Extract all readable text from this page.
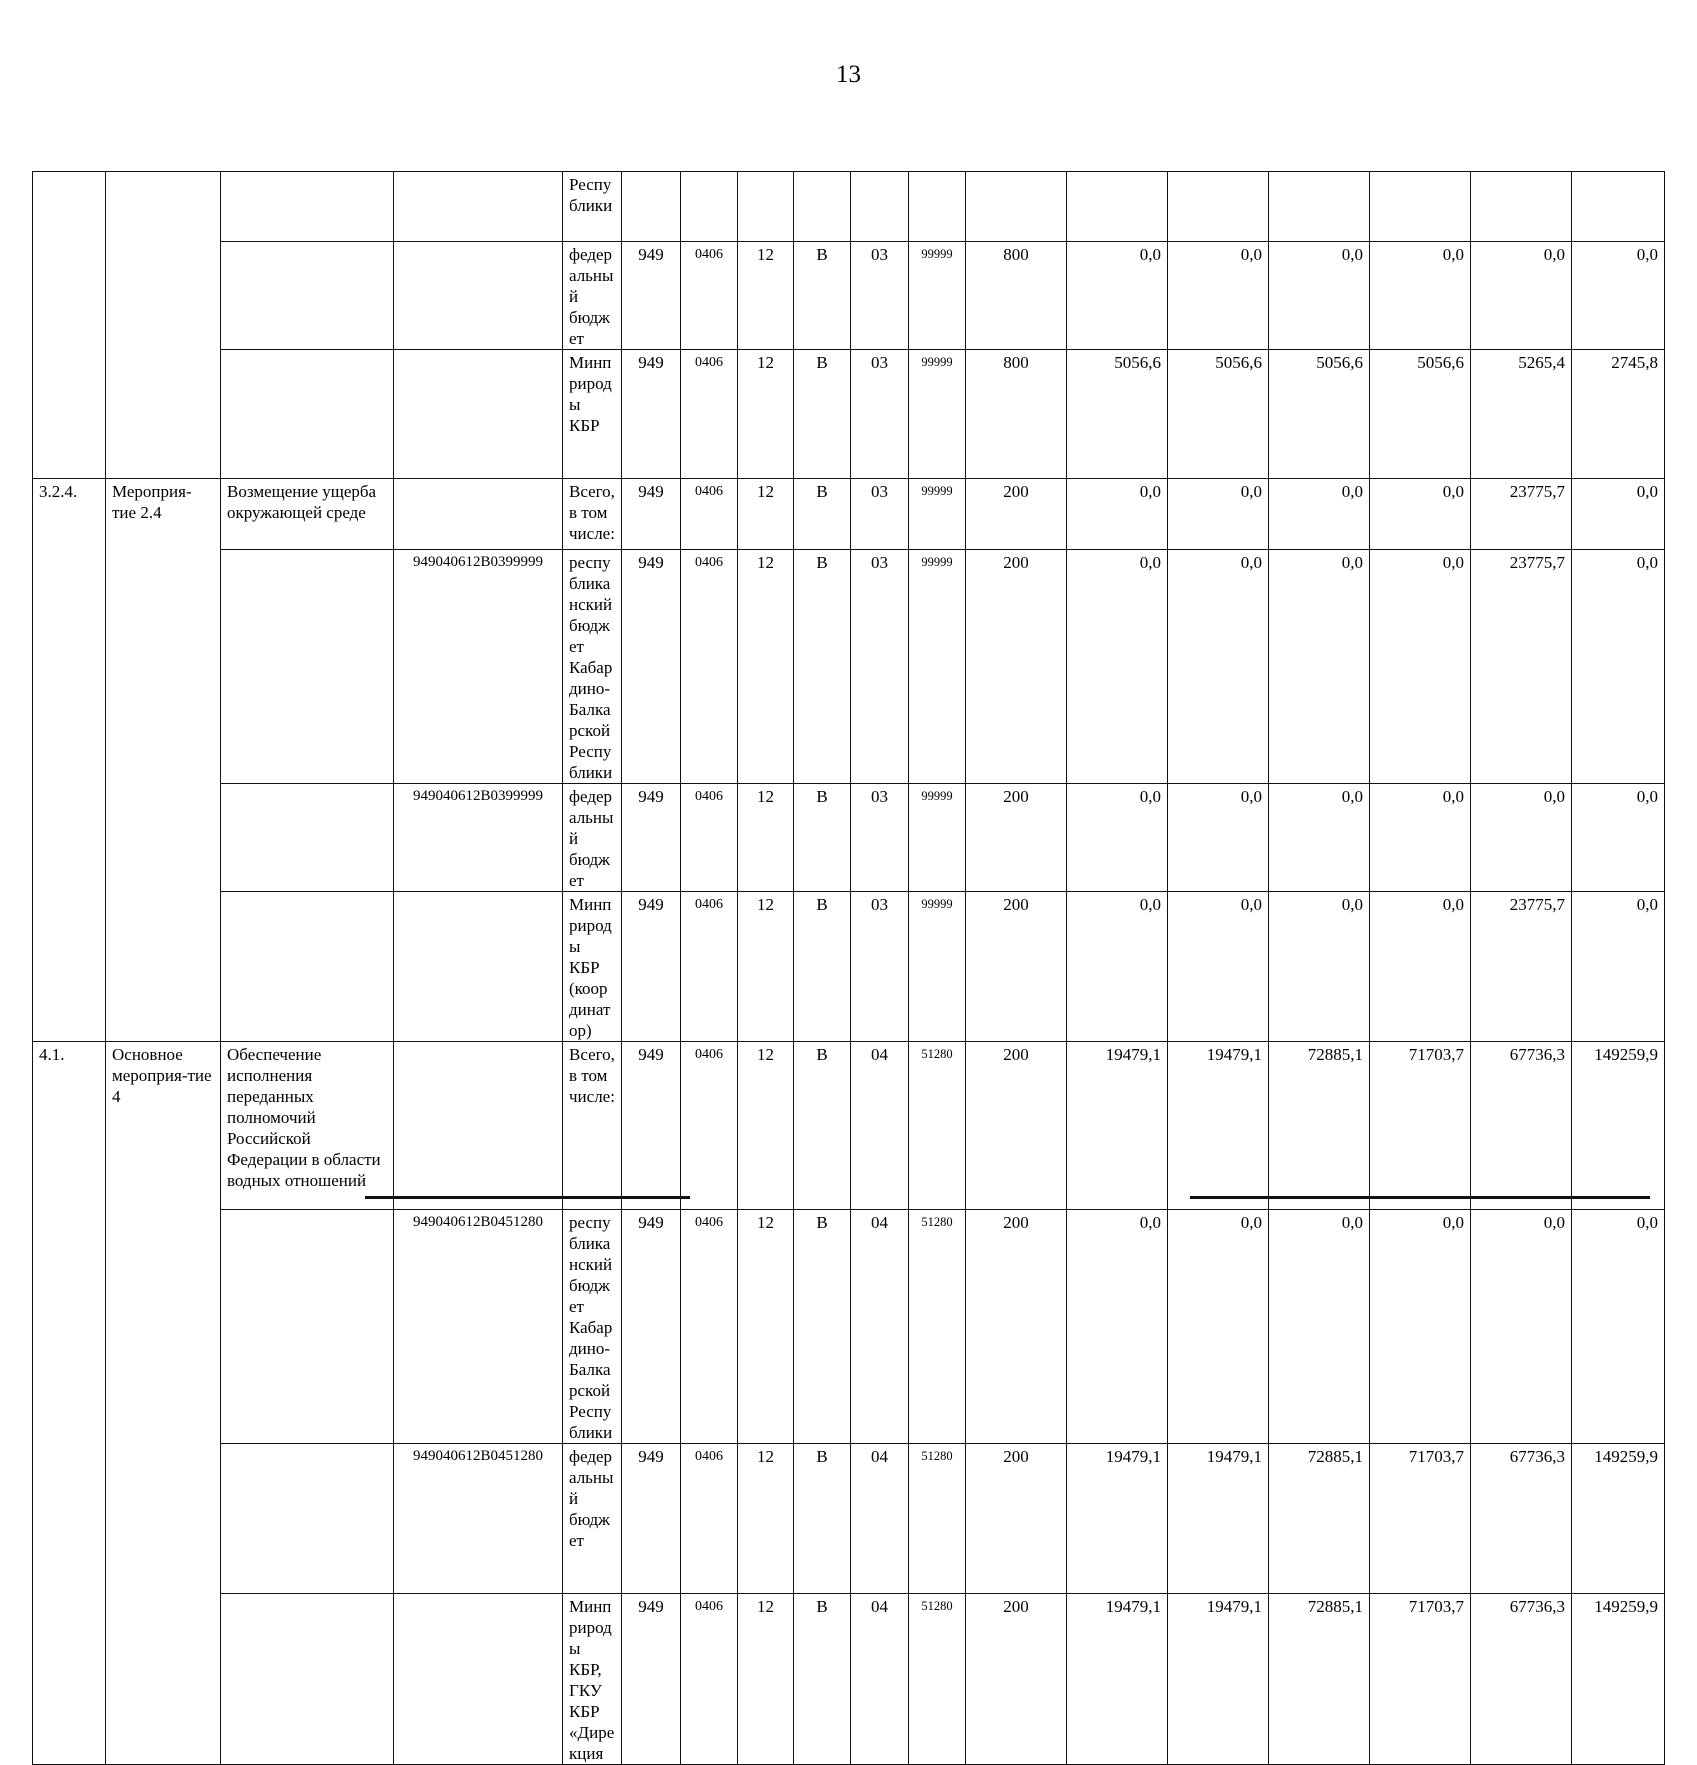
13
				Республики														
				федеральный бюджет	949	0406	12	B	03	99999	800	0,0	0,0	0,0	0,0	0,0	0,0	
				Минприроды КБР	949	0406	12	B	03	99999	800	5056,6	5056,6	5056,6	5056,6	5265,4	2745,8	
3.2.4.	Мероприя-тие 2.4	Возмещение ущерба окружающей среде		Всего, в том числе:	949	0406	12	B	03	99999	200	0,0	0,0	0,0	0,0	23775,7	0,0	
			949040612B0399999	республиканский бюджет Кабардино-Балкарской Республики	949	0406	12	B	03	99999	200	0,0	0,0	0,0	0,0	23775,7	0,0	
			949040612B0399999	федеральный бюджет	949	0406	12	B	03	99999	200	0,0	0,0	0,0	0,0	0,0	0,0	
				Минприроды КБР (координатор)	949	0406	12	B	03	99999	200	0,0	0,0	0,0	0,0	23775,7	0,0	
4.1.	Основное мероприя-тие 4	Обеспечение исполнения переданных полномочий Российской Федерации в области водных отношений		Всего, в том числе:	949	0406	12	B	04	51280	200	19479,1	19479,1	72885,1	71703,7	67736,3	149259,9	
			949040612B0451280	республиканский бюджет Кабардино-Балкарской Республики	949	0406	12	B	04	51280	200	0,0	0,0	0,0	0,0	0,0	0,0	
			949040612B0451280	федеральный бюджет	949	0406	12	B	04	51280	200	19479,1	19479,1	72885,1	71703,7	67736,3	149259,9	
				Минприроды КБР, ГКУ КБР «Дирекция	949	0406	12	B	04	51280	200	19479,1	19479,1	72885,1	71703,7	67736,3	149259,9	
